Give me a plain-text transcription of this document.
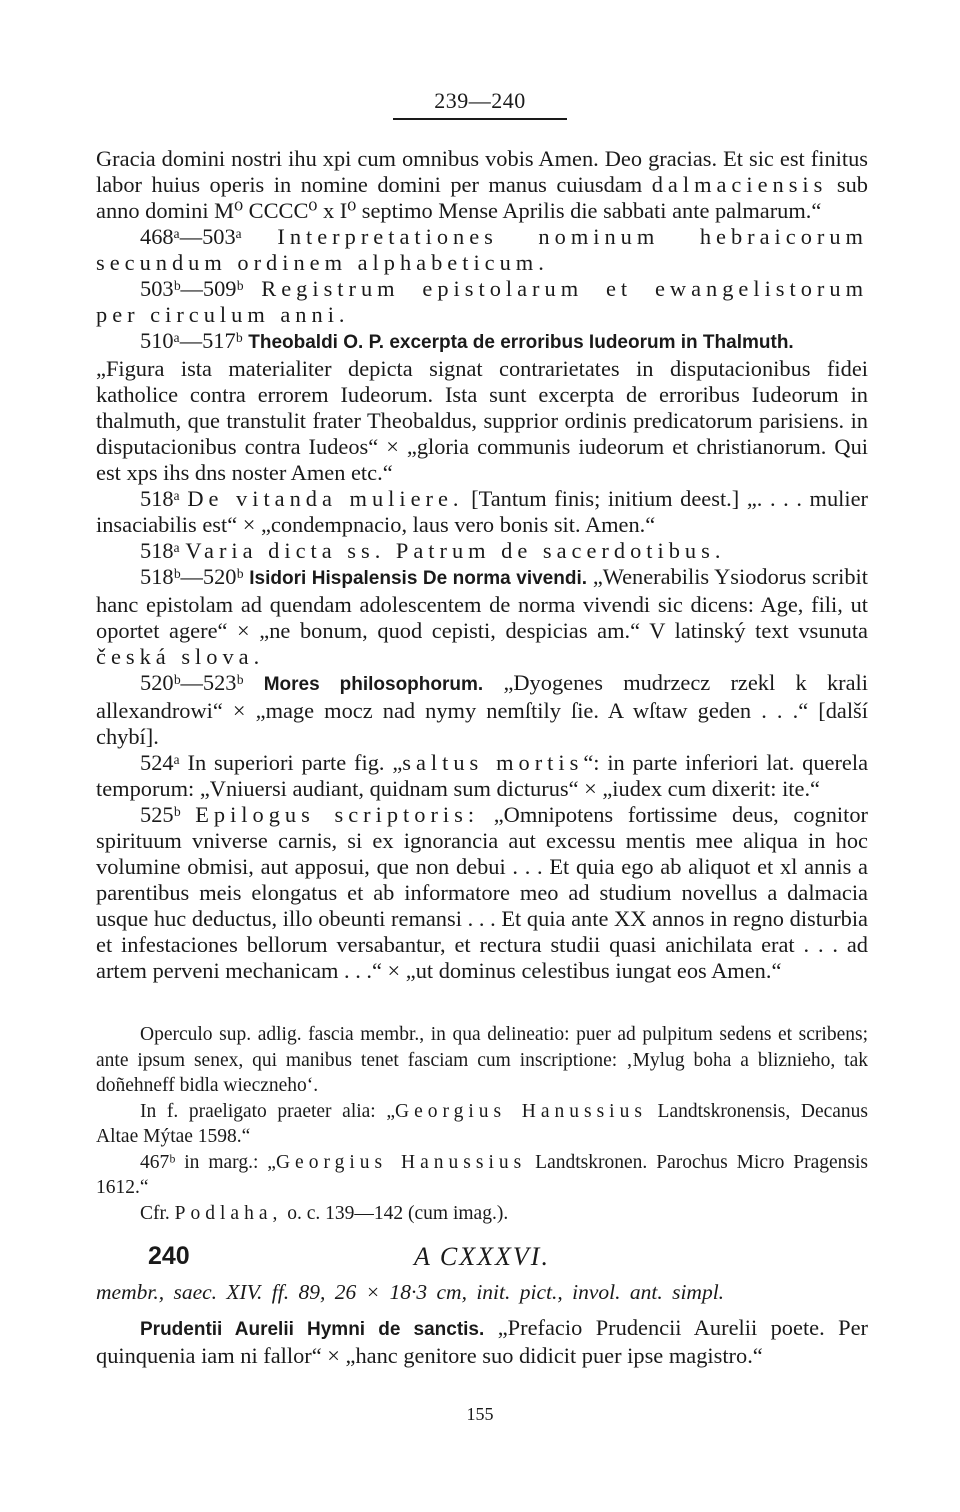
239—240

Gracia domini nostri ihu xpi cum omnibus vobis Amen. Deo gracias. Et sic est finitus labor huius operis in nomine domini per manus cuiusdam dalmaciensis sub anno domini M⁰ CCCC⁰ x I⁰ septimo Mense Aprilis die sabbati ante palmarum.“

468ᵃ—503ᵃ Interpretationes nominum hebraicorum secundum ordinem alphabeticum.

503ᵇ—509ᵇ Registrum epistolarum et ewangelistorum per circulum anni.

510ᵃ—517ᵇ Theobaldi O. P. excerpta de erroribus Iudeorum in Thalmuth.

„Figura ista materialiter depicta signat contrarietates in disputacionibus fidei katholice contra errorem Iudeorum. Ista sunt excerpta de erroribus Iudeorum in thalmuth, que transtulit frater Theobaldus, supprior ordinis predicatorum parisiens. in disputacionibus contra Iudeos“ × „gloria communis iudeorum et christianorum. Qui est xps ihs dns noster Amen etc.“

518ᵃ De vitanda muliere. [Tantum finis; initium deest.] „. . . . mulier insaciabilis est“ × „condempnacio, laus vero bonis sit. Amen.“

518ᵃ Varia dicta ss. Patrum de sacerdotibus.

518ᵇ—520ᵇ Isidori Hispalensis De norma vivendi. „Wenerabilis Ysiodorus scribit hanc epistolam ad quendam adolescentem de norma vivendi sic dicens: Age, fili, ut oportet agere“ × „ne bonum, quod cepisti, despicias am.“ V latinský text vsunuta česká slova.

520ᵇ—523ᵇ Mores philosophorum. „Dyogenes mudrzecz rzekl k krali allexandrowi“ × „mage mocz nad nymy nemſtily ſie. A wſtaw geden . . .“ [další chybí].

524ᵃ In superiori parte fig. „saltus mortis“: in parte inferiori lat. querela temporum: „Vniuersi audiant, quidnam sum dicturus“ × „iudex cum dixerit: ite.“

525ᵇ Epilogus scriptoris: „Omnipotens fortissime deus, cognitor spirituum vniverse carnis, si ex ignorancia aut excessu mentis mee aliqua in hoc volumine obmisi, aut apposui, que non debui . . . Et quia ego ab aliquot et xl annis a parentibus meis elongatus et ab informatore meo ad studium novellus a dalmacia usque huc deductus, illo obeunti remansi . . . Et quia ante XX annos in regno disturbia et infestaciones bellorum versabantur, et rectura studii quasi anichilata erat . . . ad artem perveni mechanicam . . .“ × „ut dominus celestibus iungat eos Amen.“

Operculo sup. adlig. fascia membr., in qua delineatio: puer ad pulpitum sedens et scribens; ante ipsum senex, qui manibus tenet fasciam cum inscriptione: ‚Mylug boha a bliznieho, tak doñehneff bidla wieczneho‘.

In f. praeligato praeter alia: „Georgius Hanussius Landtskronensis, Decanus Altae Mýtae 1598.“

467ᵇ in marg.: „Georgius Hanussius Landtskronen. Parochus Micro Pragensis 1612.“

Cfr. Podlaha, o. c. 139—142 (cum imag.).

A CXXXVI.
240
membr., saec. XIV. ff. 89, 26 × 18·3 cm, init. pict., invol. ant. simpl.

Prudentii Aurelii Hymni de sanctis. „Prefacio Prudencii Aurelii poete. Per quinquenia iam ni fallor“ × „hanc genitore suo didicit puer ipse magistro.“

155
